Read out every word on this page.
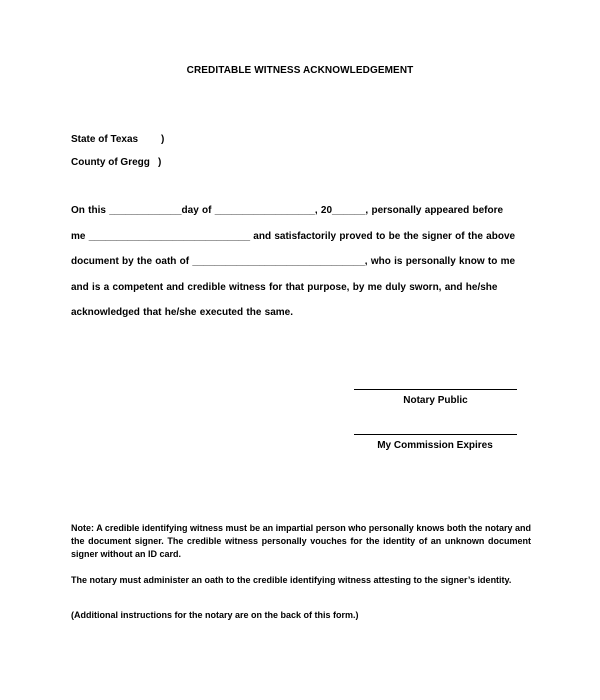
CREDITABLE WITNESS ACKNOWLEDGEMENT
State of Texas )
County of Gregg )
On this _____________day of __________________, 20______, personally appeared before
me _____________________________ and satisfactorily proved to be the signer of the above
document by the oath of _______________________________, who is personally know to me
and is a competent and credible witness for that purpose, by me duly sworn, and he/she
acknowledged that he/she executed the same.
Notary Public
My Commission Expires
Note: A credible identifying witness must be an impartial person who personally knows both the notary and the document signer. The credible witness personally vouches for the identity of an unknown document signer without an ID card.
The notary must administer an oath to the credible identifying witness attesting to the signer’s identity.
(Additional instructions for the notary are on the back of this form.)
